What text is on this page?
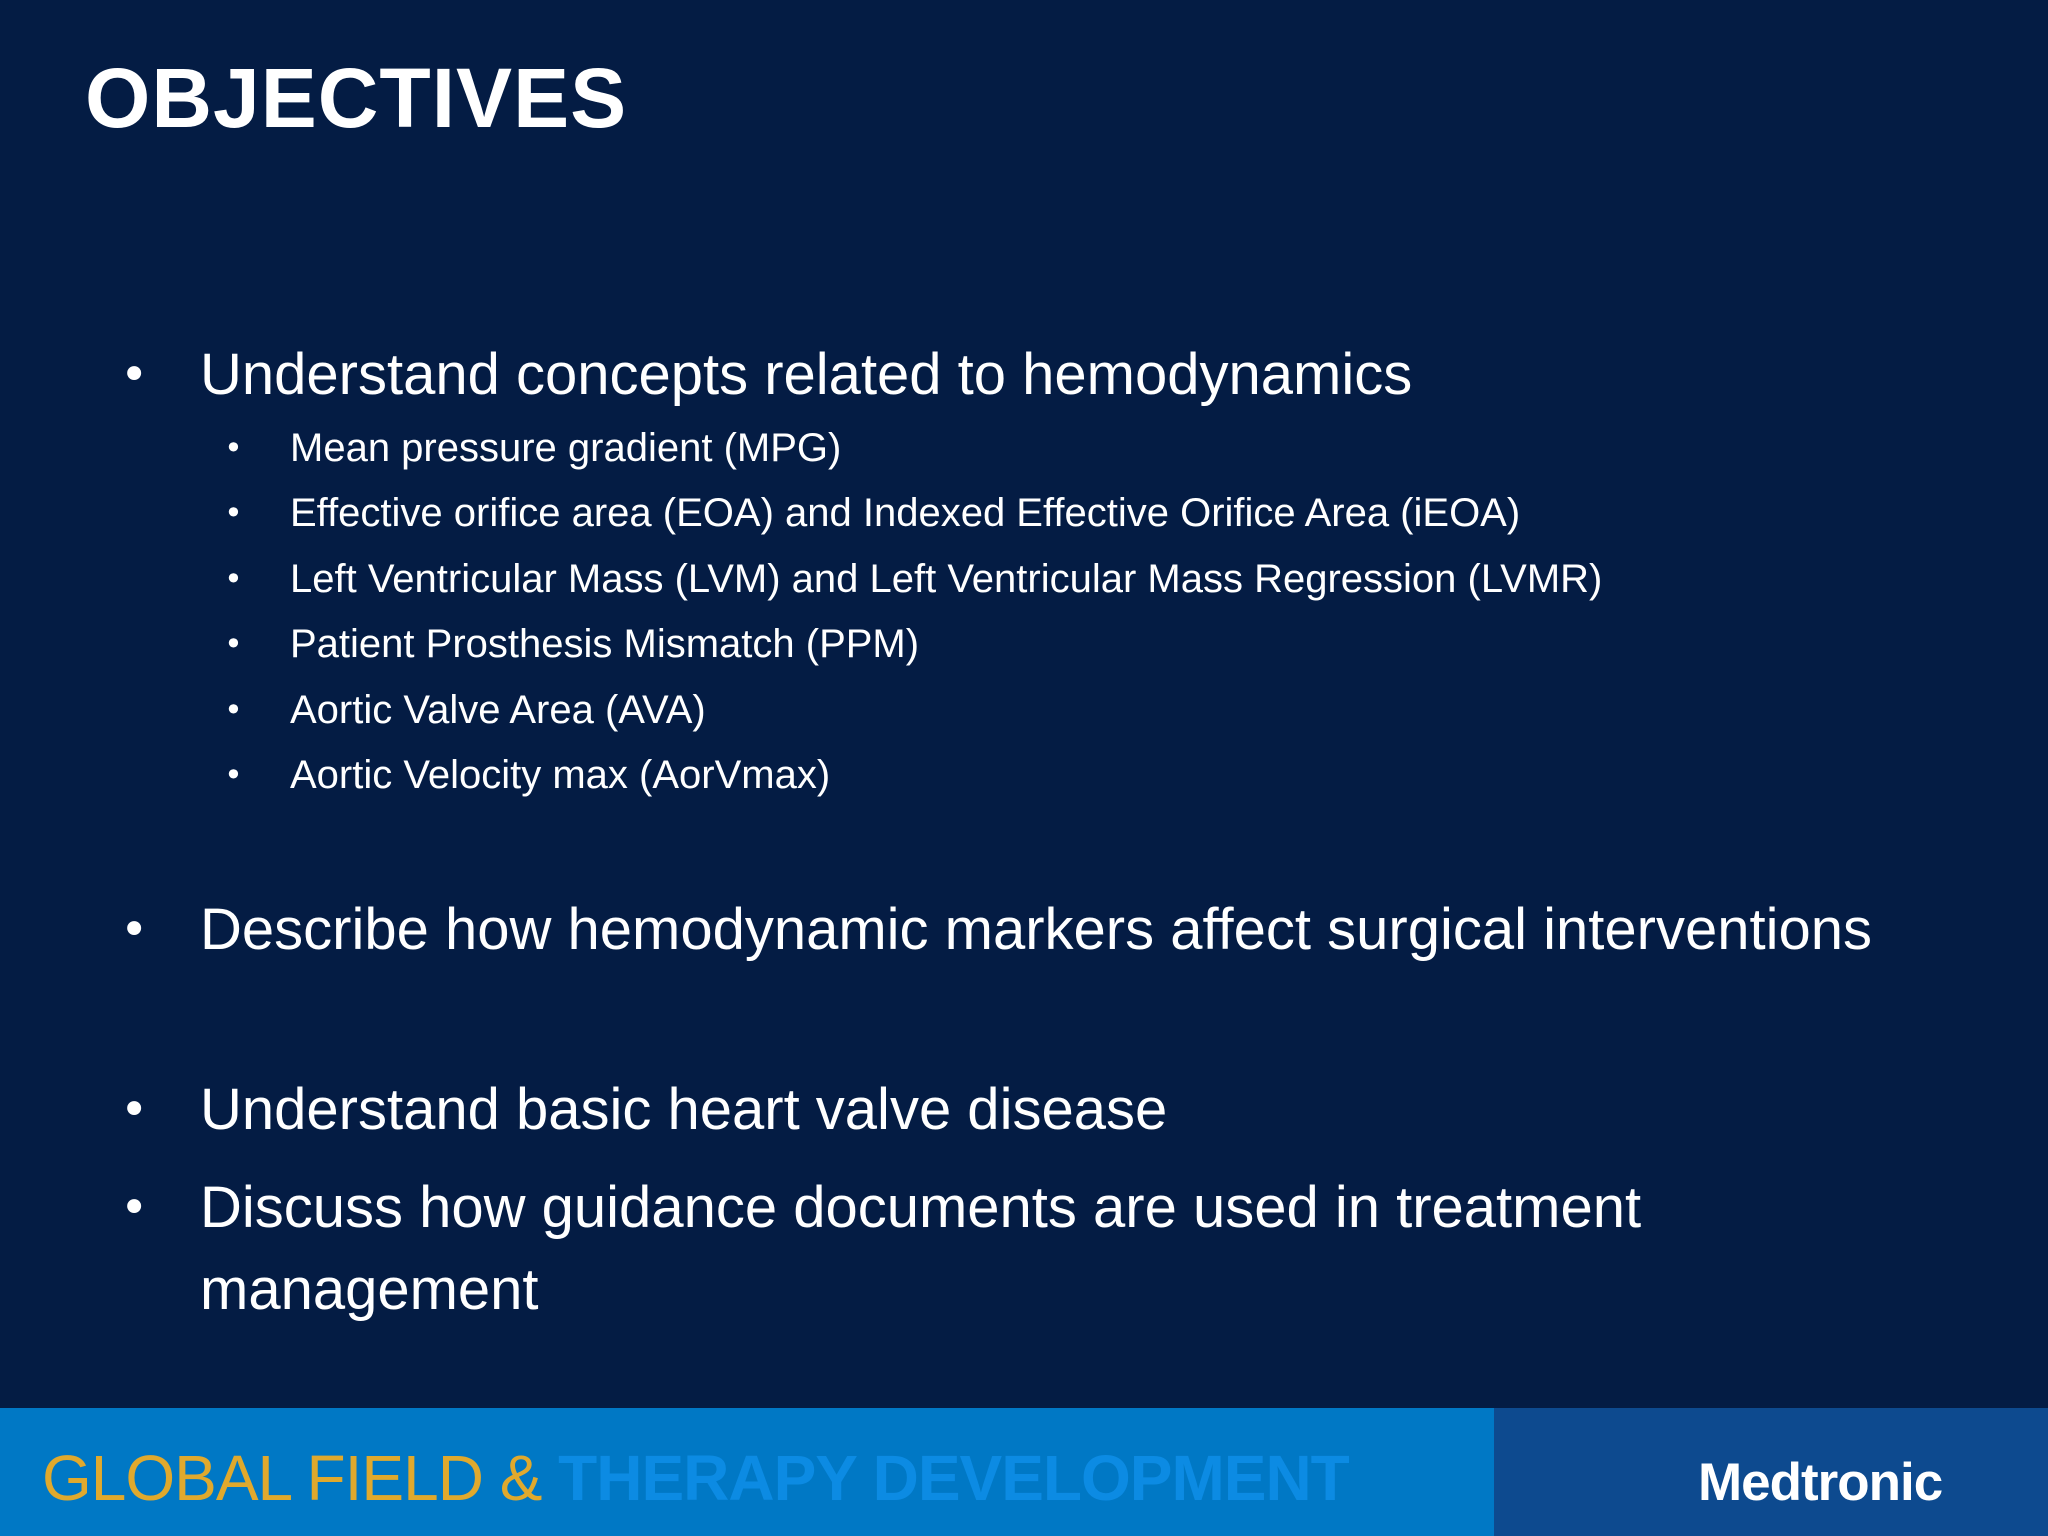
OBJECTIVES
• Understand concepts related to hemodynamics
• Describe how hemodynamic markers affect surgical interventions
• Understand basic heart valve disease
• Discuss how guidance documents are used in treatment management
• Mean pressure gradient (MPG)
• Effective orifice area (EOA) and Indexed Effective Orifice Area (iEOA)
• Left Ventricular Mass (LVM) and Left Ventricular Mass Regression (LVMR)
• Patient Prosthesis Mismatch (PPM)
• Aortic Valve Area (AVA)
• Aortic Velocity max (AorVmax)
GLOBAL FIELD & THERAPY DEVELOPMENT	Medtronic
